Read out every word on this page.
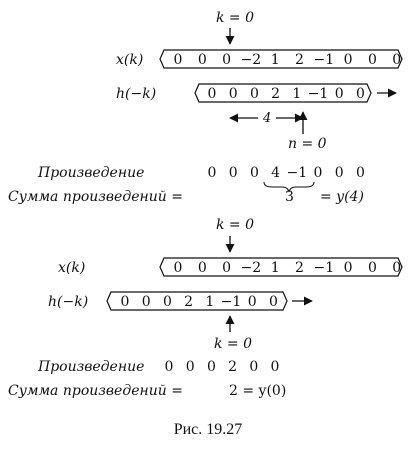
k = 0
x(k) 0 0 0 −2 1 2 −1 0 0 0
h(−k)	0 0 0 2 1 −1 0 0
4
n = 0
Произведение	0 0 0 4 −1 0 0 0
Сумма произведений =	3 = y(4)
k = 0
x(k)	0 0 0 −2 1 2 −1 0 0 0
h(−k) 0 0 0 2 1 −1 0 0
k = 0
Произведение 0 0 0 2 0 0
Сумма произведений =	2 = y(0)
Рис. 19.27
